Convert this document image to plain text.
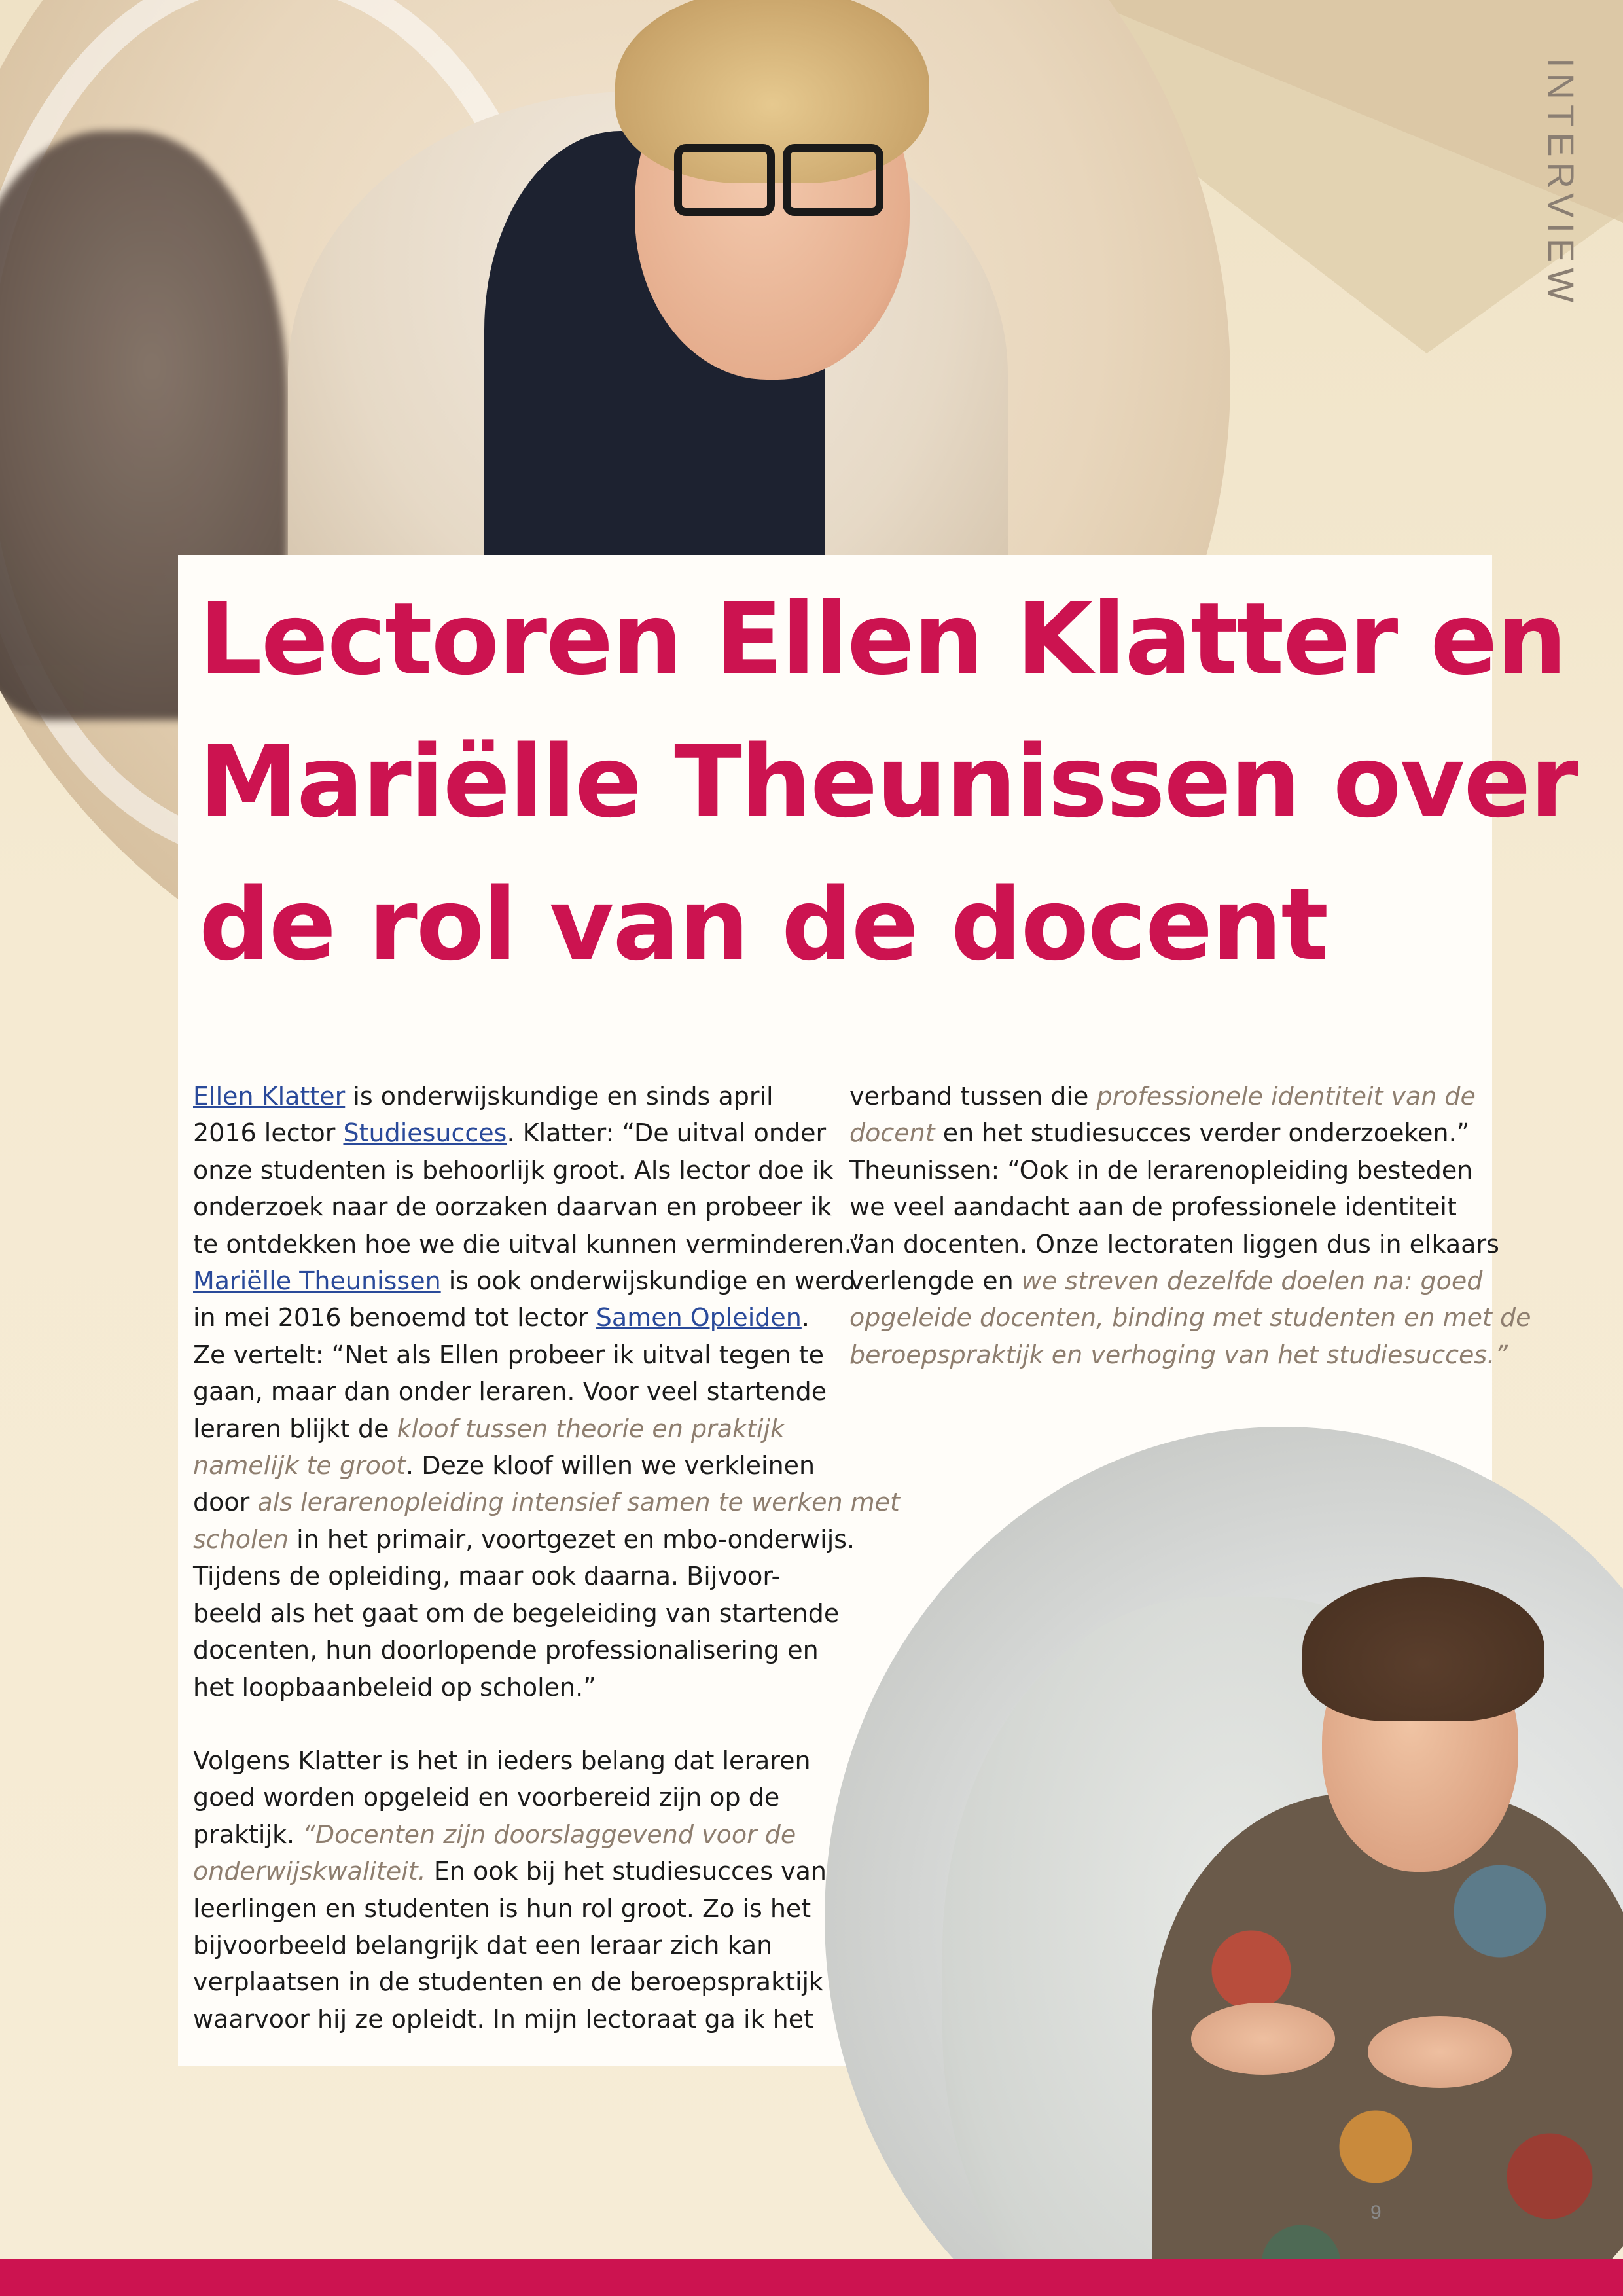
INTERVIEW
Lectoren Ellen Klatter en
Mariëlle Theunissen over
de rol van de docent

Ellen Klatter is onderwijskundige en sinds april
2016 lector Studiesucces. Klatter: “De uitval onder
onze studenten is behoorlijk groot. Als lector doe ik
onderzoek naar de oorzaken daarvan en probeer ik
te ontdekken hoe we die uitval kunnen verminderen.”
Mariëlle Theunissen is ook onderwijskundige en werd
in mei 2016 benoemd tot lector Samen Opleiden.
Ze vertelt: “Net als Ellen probeer ik uitval tegen te
gaan, maar dan onder leraren. Voor veel startende
leraren blijkt de kloof tussen theorie en praktijk
namelijk te groot. Deze kloof willen we verkleinen
door als lerarenopleiding intensief samen te werken met
scholen in het primair, voortgezet en mbo-onderwijs.
Tijdens de opleiding, maar ook daarna. Bijvoor-
beeld als het gaat om de begeleiding van startende
docenten, hun doorlopende professionalisering en
het loopbaanbeleid op scholen.”

Volgens Klatter is het in ieders belang dat leraren
goed worden opgeleid en voorbereid zijn op de
praktijk. “Docenten zijn doorslaggevend voor de
onderwijskwaliteit. En ook bij het studiesucces van
leerlingen en studenten is hun rol groot. Zo is het
bijvoorbeeld belangrijk dat een leraar zich kan
verplaatsen in de studenten en de beroepspraktijk
waarvoor hij ze opleidt. In mijn lectoraat ga ik het

verband tussen die professionele identiteit van de
docent en het studiesucces verder onderzoeken.”
Theunissen: “Ook in de lerarenopleiding besteden
we veel aandacht aan de professionele identiteit
van docenten. Onze lectoraten liggen dus in elkaars
verlengde en we streven dezelfde doelen na: goed
opgeleide docenten, binding met studenten en met de
beroepspraktijk en verhoging van het studiesucces.”

9
